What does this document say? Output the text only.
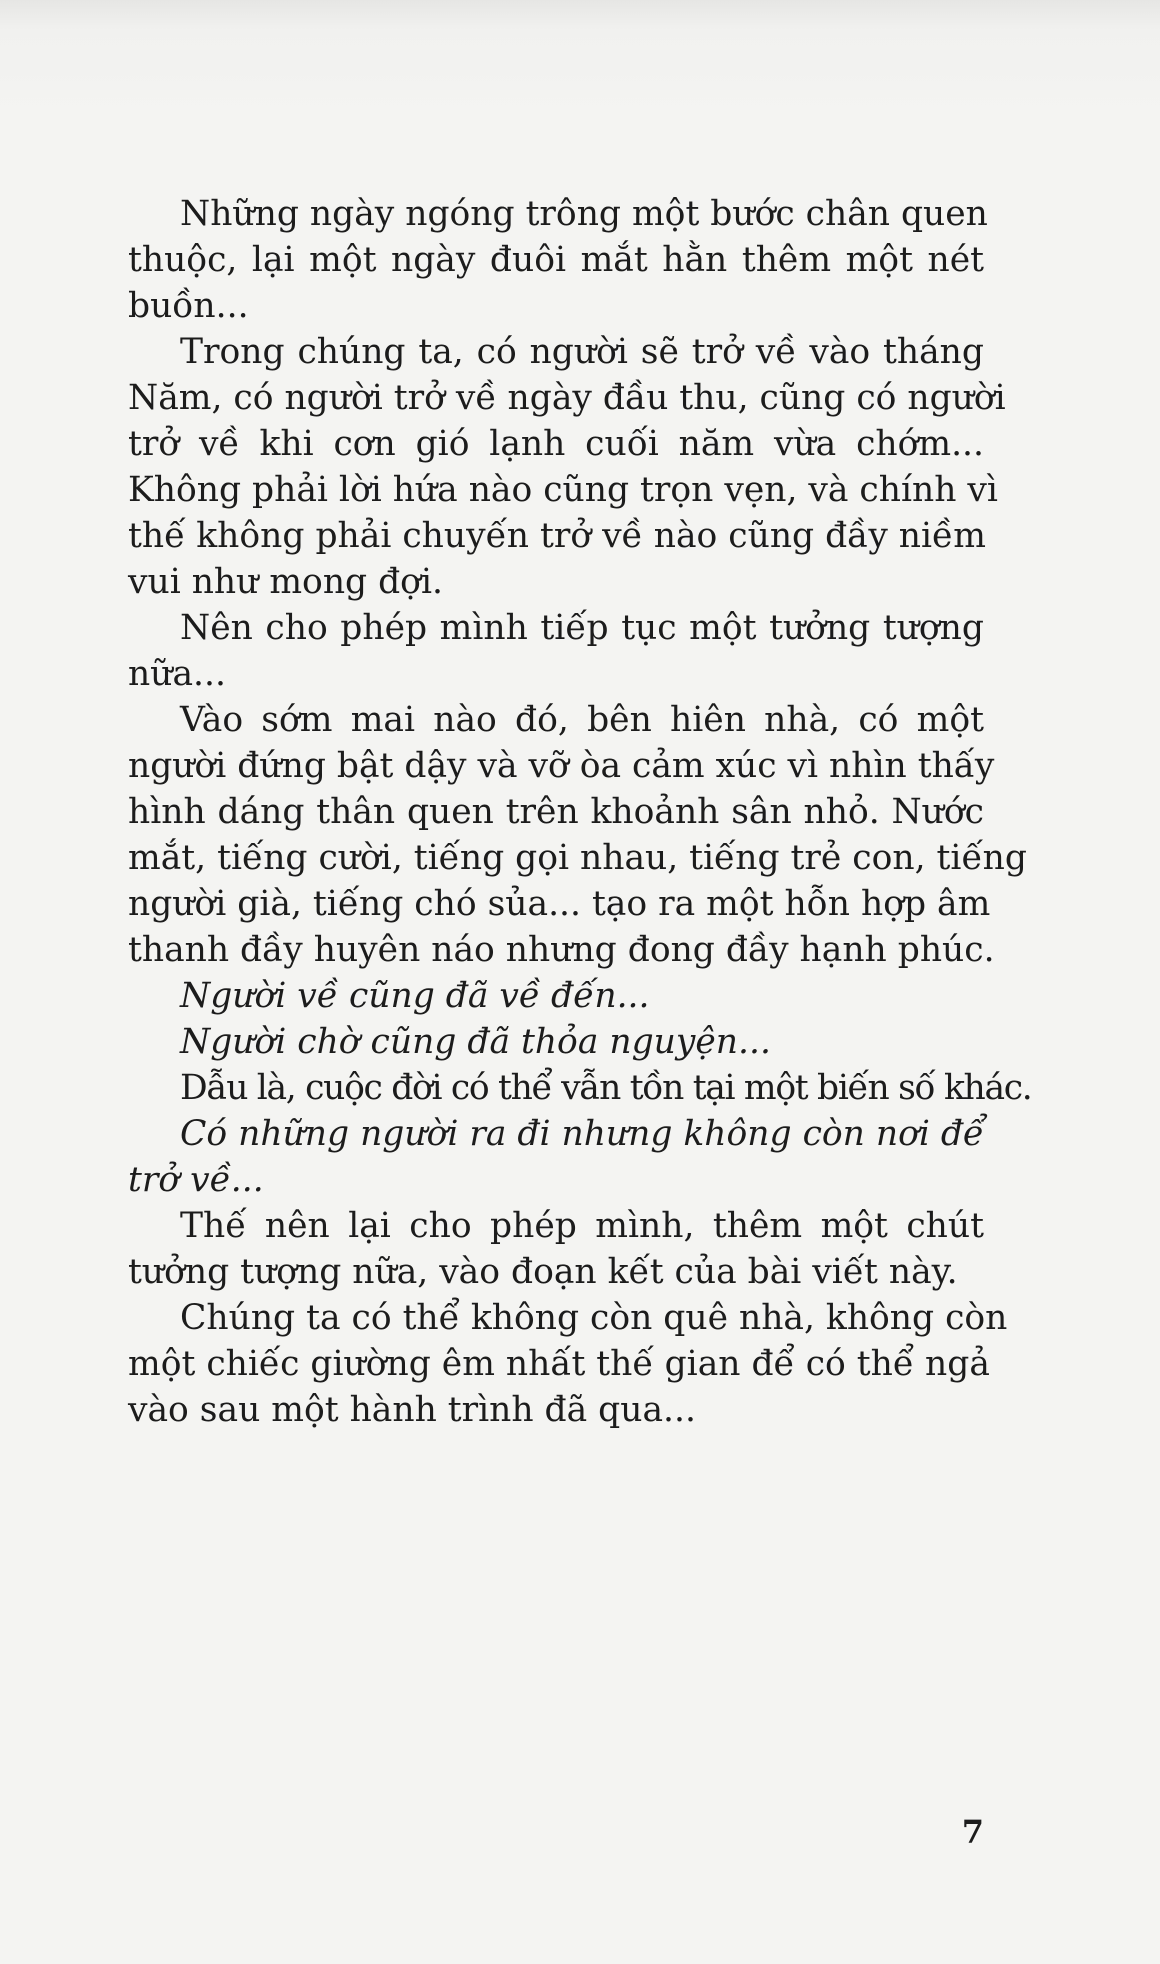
Những ngày ngóng trông một bước chân quen
thuộc, lại một ngày đuôi mắt hằn thêm một nét
buồn...
Trong chúng ta, có người sẽ trở về vào tháng
Năm, có người trở về ngày đầu thu, cũng có người
trở về khi cơn gió lạnh cuối năm vừa chớm...
Không phải lời hứa nào cũng trọn vẹn, và chính vì
thế không phải chuyến trở về nào cũng đầy niềm
vui như mong đợi.
Nên cho phép mình tiếp tục một tưởng tượng
nữa...
Vào sớm mai nào đó, bên hiên nhà, có một
người đứng bật dậy và vỡ òa cảm xúc vì nhìn thấy
hình dáng thân quen trên khoảnh sân nhỏ. Nước
mắt, tiếng cười, tiếng gọi nhau, tiếng trẻ con, tiếng
người già, tiếng chó sủa... tạo ra một hỗn hợp âm
thanh đầy huyên náo nhưng đong đầy hạnh phúc.
Người về cũng đã về đến...
Người chờ cũng đã thỏa nguyện...
Dẫu là, cuộc đời có thể vẫn tồn tại một biến số khác.
Có những người ra đi nhưng không còn nơi để
trở về...
Thế nên lại cho phép mình, thêm một chút
tưởng tượng nữa, vào đoạn kết của bài viết này.
Chúng ta có thể không còn quê nhà, không còn
một chiếc giường êm nhất thế gian để có thể ngả
vào sau một hành trình đã qua...
7
